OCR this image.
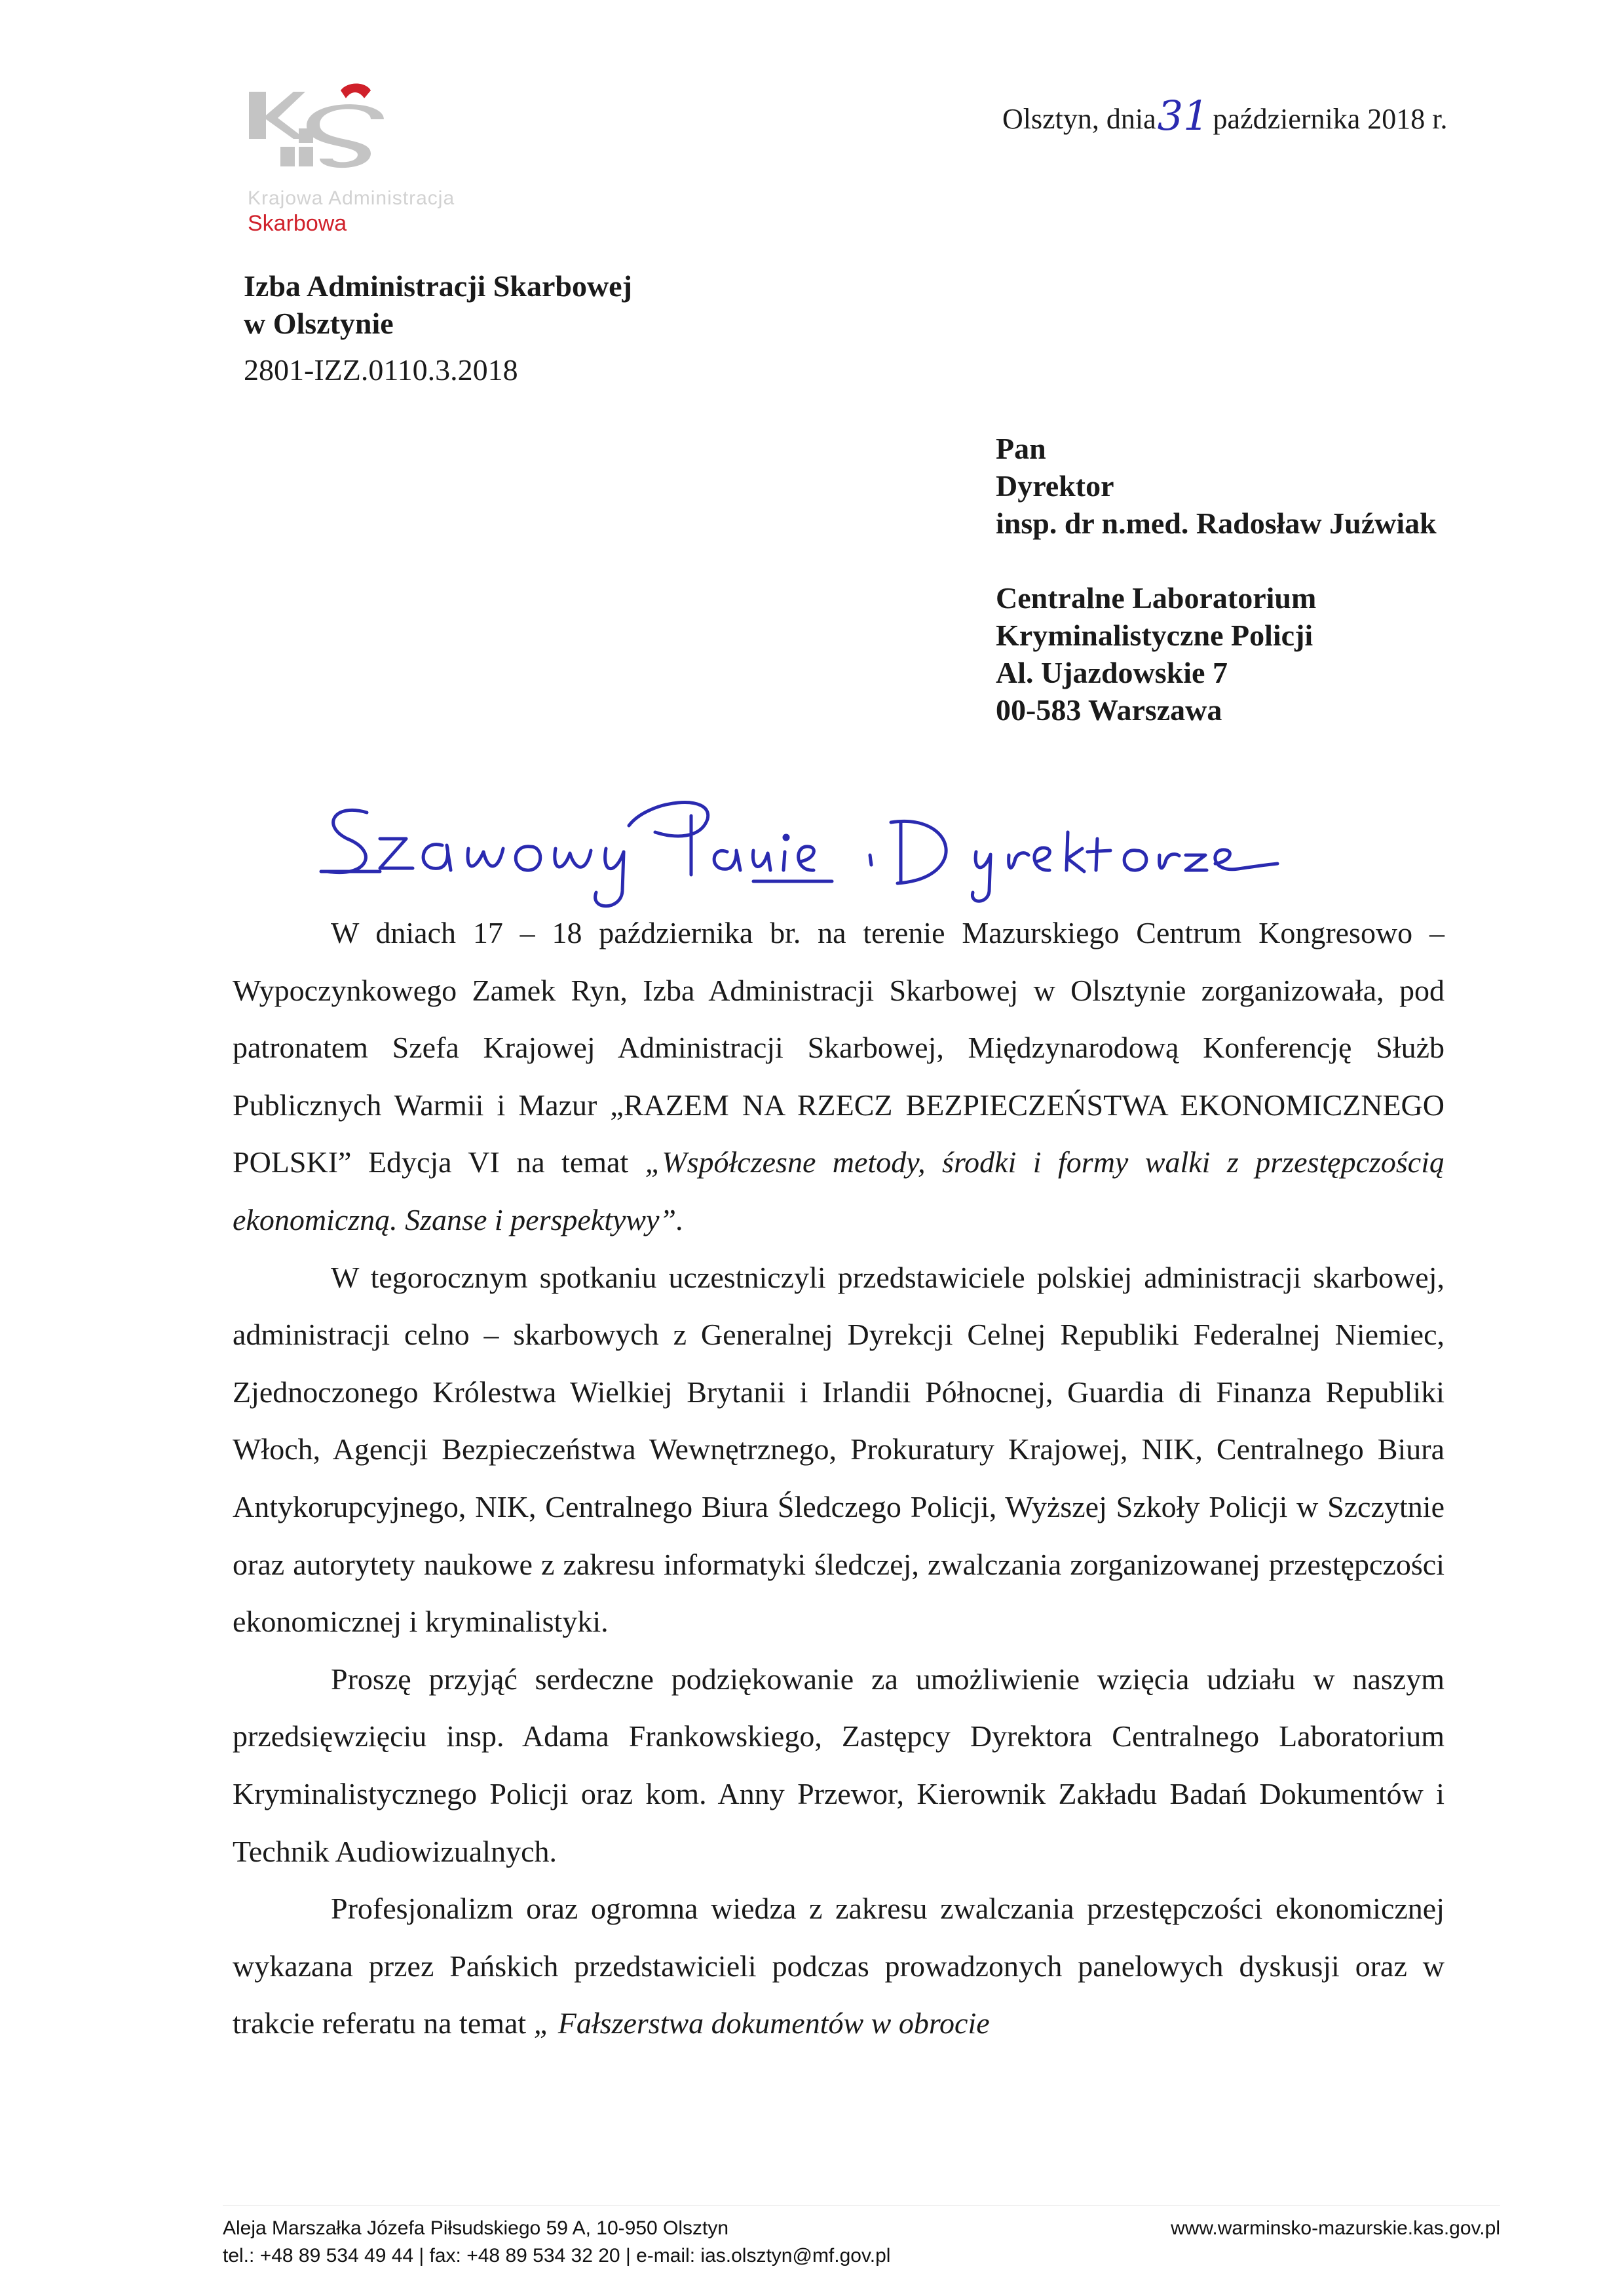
Krajowa Administracja
Skarbowa
Olsztyn, dnia31 października 2018 r.
Izba Administracji Skarbowej
w Olsztynie
2801-IZZ.0110.3.2018
Pan
Dyrektor
insp. dr n.med. Radosław Juźwiak
Centralne Laboratorium
Kryminalistyczne Policji
Al. Ujazdowskie 7
00-583 Warszawa

W dniach 17 – 18 października br. na terenie Mazurskiego Centrum Kongresowo – Wypoczynkowego Zamek Ryn, Izba Administracji Skarbowej w Olsztynie zorganizowała, pod patronatem Szefa Krajowej Administracji Skarbowej, Międzynarodową Konferencję Służb Publicznych Warmii i Mazur „RAZEM NA RZECZ BEZPIECZEŃSTWA EKONOMICZNEGO POLSKI” Edycja VI na temat „Współczesne metody, środki i formy walki z przestępczością ekonomiczną. Szanse i perspektywy”.

W tegorocznym spotkaniu uczestniczyli przedstawiciele polskiej administracji skarbowej, administracji celno – skarbowych z Generalnej Dyrekcji Celnej Republiki Federalnej Niemiec, Zjednoczonego Królestwa Wielkiej Brytanii i Irlandii Północnej, Guardia di Finanza Republiki Włoch, Agencji Bezpieczeństwa Wewnętrznego, Prokuratury Krajowej, NIK, Centralnego Biura Antykorupcyjnego, NIK, Centralnego Biura Śledczego Policji, Wyższej Szkoły Policji w Szczytnie oraz autorytety naukowe z zakresu informatyki śledczej, zwalczania zorganizowanej przestępczości ekonomicznej i kryminalistyki.

Proszę przyjąć serdeczne podziękowanie za umożliwienie wzięcia udziału w naszym przedsięwzięciu insp. Adama Frankowskiego, Zastępcy Dyrektora Centralnego Laboratorium Kryminalistycznego Policji oraz kom. Anny Przewor, Kierownik Zakładu Badań Dokumentów i Technik Audiowizualnych.

Profesjonalizm oraz ogromna wiedza z zakresu zwalczania przestępczości ekonomicznej wykazana przez Pańskich przedstawicieli podczas prowadzonych panelowych dyskusji oraz w trakcie referatu na temat „ Fałszerstwa dokumentów w obrocie

Aleja Marszałka Józefa Piłsudskiego 59 A, 10-950 Olsztyn
tel.: +48 89 534 49 44 | fax: +48 89 534 32 20 | e-mail: ias.olsztyn@mf.gov.pl
www.warminsko-mazurskie.kas.gov.pl
